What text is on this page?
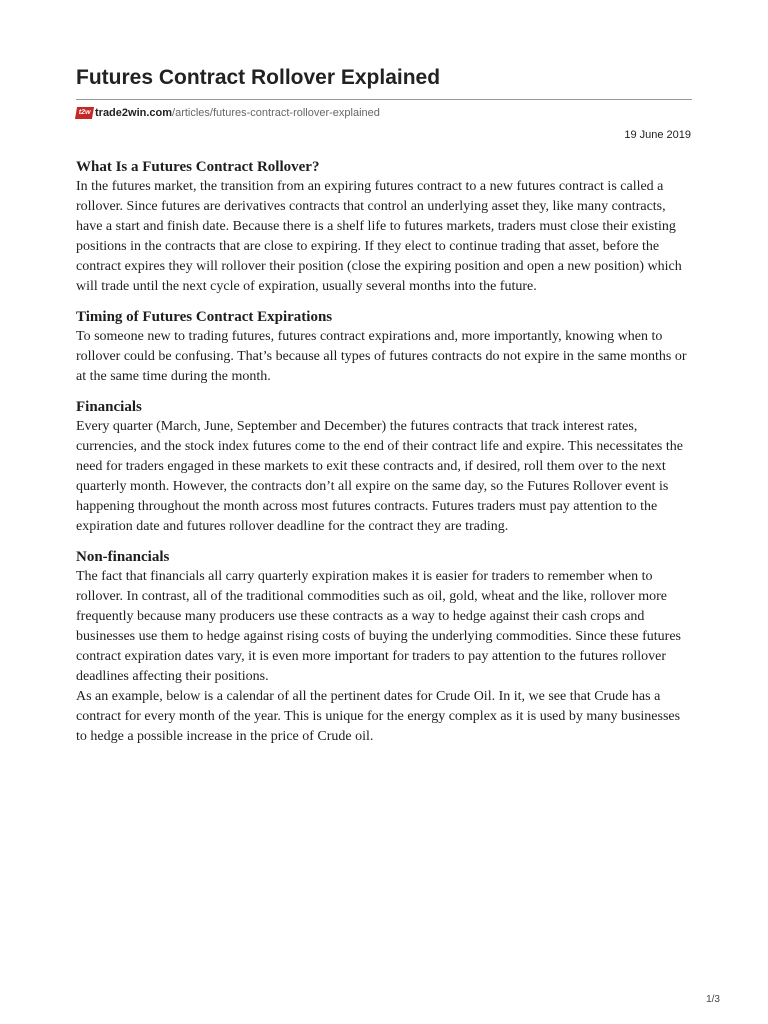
Futures Contract Rollover Explained
t2w trade2win.com /articles/futures-contract-rollover-explained
19 June 2019
What Is a Futures Contract Rollover?

In the futures market, the transition from an expiring futures contract to a new futures contract is called a rollover. Since futures are derivatives contracts that control an underlying asset they, like many contracts, have a start and finish date. Because there is a shelf life to futures markets, traders must close their existing positions in the contracts that are close to expiring. If they elect to continue trading that asset, before the contract expires they will rollover their position (close the expiring position and open a new position) which will trade until the next cycle of expiration, usually several months into the future.

Timing of Futures Contract Expirations

To someone new to trading futures, futures contract expirations and, more importantly, knowing when to rollover could be confusing. That’s because all types of futures contracts do not expire in the same months or at the same time during the month.

Financials

Every quarter (March, June, September and December) the futures contracts that track interest rates, currencies, and the stock index futures come to the end of their contract life and expire. This necessitates the need for traders engaged in these markets to exit these contracts and, if desired, roll them over to the next quarterly month. However, the contracts don’t all expire on the same day, so the Futures Rollover event is happening throughout the month across most futures contracts. Futures traders must pay attention to the expiration date and futures rollover deadline for the contract they are trading.

Non-financials

The fact that financials all carry quarterly expiration makes it is easier for traders to remember when to rollover. In contrast, all of the traditional commodities such as oil, gold, wheat and the like, rollover more frequently because many producers use these contracts as a way to hedge against their cash crops and businesses use them to hedge against rising costs of buying the underlying commodities. Since these futures contract expiration dates vary, it is even more important for traders to pay attention to the futures rollover deadlines affecting their positions.

As an example, below is a calendar of all the pertinent dates for Crude Oil. In it, we see that Crude has a contract for every month of the year. This is unique for the energy complex as it is used by many businesses to hedge a possible increase in the price of Crude oil.

1/3
